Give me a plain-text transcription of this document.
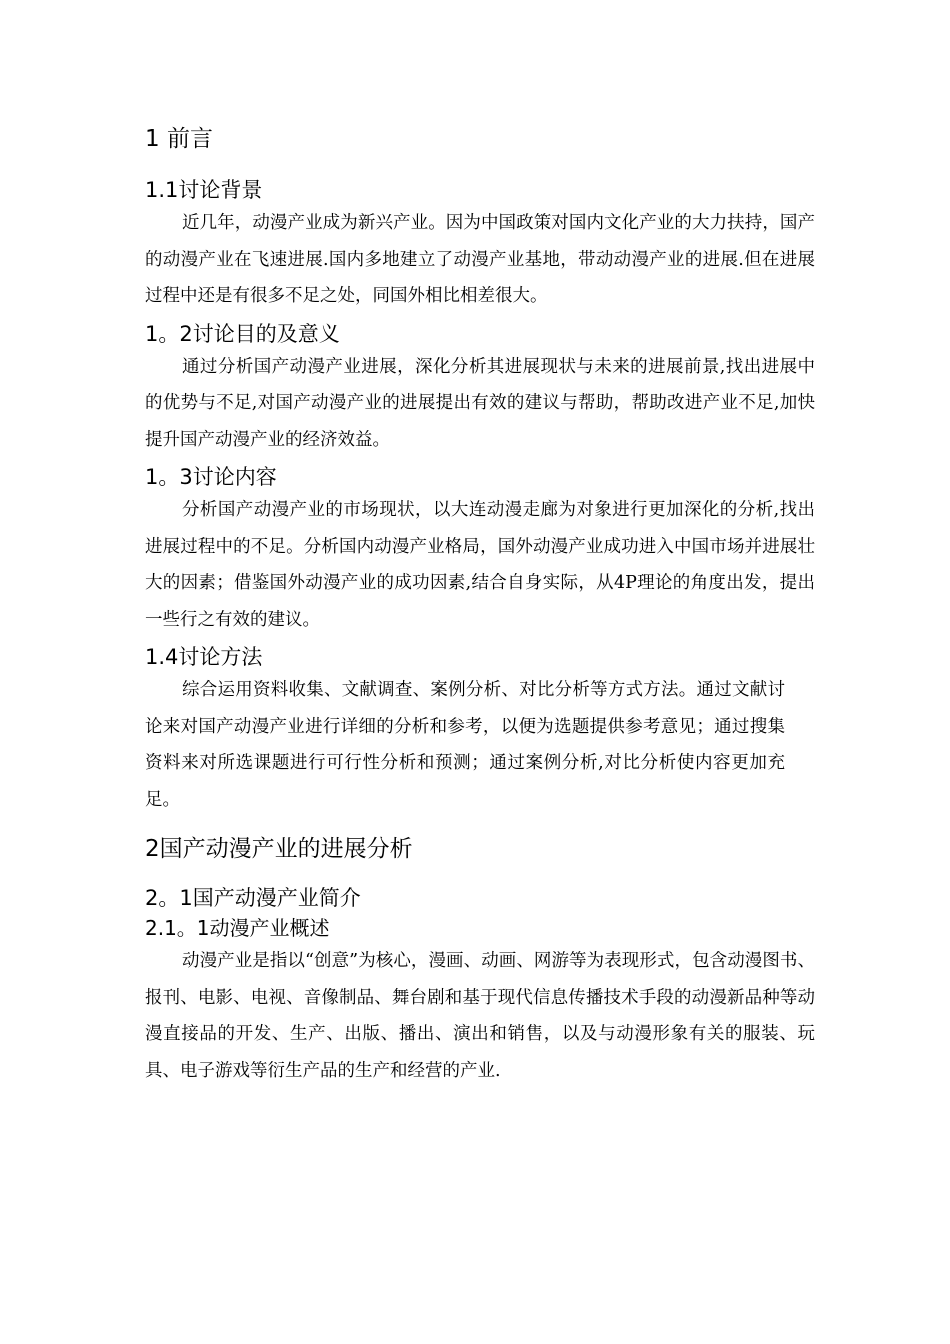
1 前言
1.1讨论背景

近几年，动漫产业成为新兴产业。因为中国政策对国内文化产业的大力扶持，国产的动漫产业在飞速进展.国内多地建立了动漫产业基地，带动动漫产业的进展.但在进展过程中还是有很多不足之处，同国外相比相差很大。

1。2讨论目的及意义

通过分析国产动漫产业进展，深化分析其进展现状与未来的进展前景,找出进展中的优势与不足,对国产动漫产业的进展提出有效的建议与帮助，帮助改进产业不足,加快提升国产动漫产业的经济效益。

1。3讨论内容

分析国产动漫产业的市场现状，以大连动漫走廊为对象进行更加深化的分析,找出进展过程中的不足。分析国内动漫产业格局，国外动漫产业成功进入中国市场并进展壮大的因素；借鉴国外动漫产业的成功因素,结合自身实际，从4P理论的角度出发，提出一些行之有效的建议。

1.4讨论方法

综合运用资料收集、文献调查、案例分析、对比分析等方式方法。通过文献讨论来对国产动漫产业进行详细的分析和参考，以便为选题提供参考意见；通过搜集资料来对所选课题进行可行性分析和预测；通过案例分析,对比分析使内容更加充足。

2国产动漫产业的进展分析
2。1国产动漫产业简介
2.1。1动漫产业概述

动漫产业是指以“创意”为核心，漫画、动画、网游等为表现形式，包含动漫图书、报刊、电影、电视、音像制品、舞台剧和基于现代信息传播技术手段的动漫新品种等动漫直接品的开发、生产、出版、播出、演出和销售，以及与动漫形象有关的服装、玩具、电子游戏等衍生产品的生产和经营的产业.
